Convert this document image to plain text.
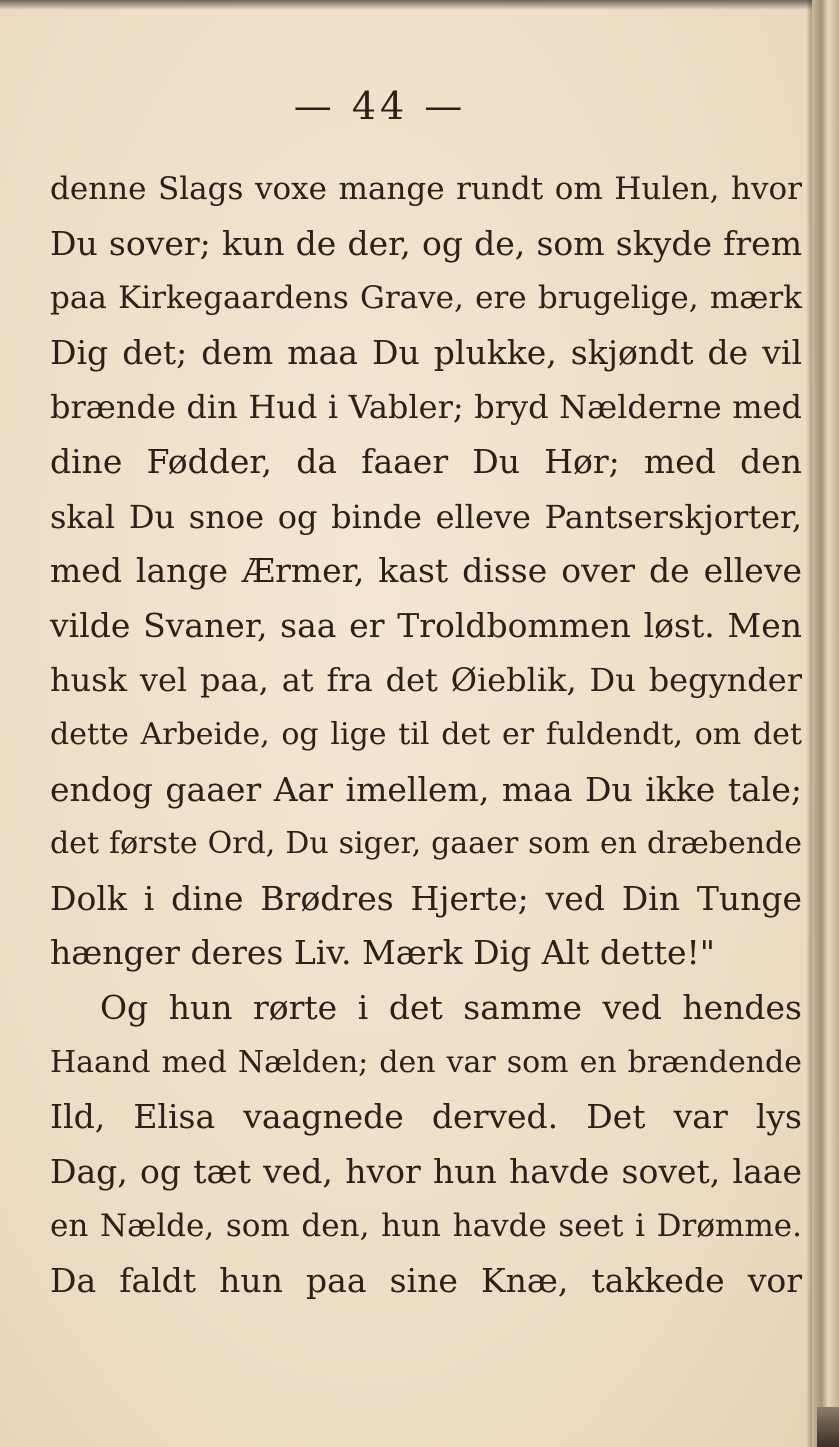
— 44 —
denne Slags voxe mange rundt om Hulen, hvor
Du sover; kun de der, og de, som skyde frem
paa Kirkegaardens Grave, ere brugelige, mærk
Dig det; dem maa Du plukke, skjøndt de vil
brænde din Hud i Vabler; bryd Nælderne med
dine Fødder, da faaer Du Hør; med den
skal Du snoe og binde elleve Pantserskjorter,
med lange Ærmer, kast disse over de elleve
vilde Svaner, saa er Troldbommen løst. Men
husk vel paa, at fra det Øieblik, Du begynder
dette Arbeide, og lige til det er fuldendt, om det
endog gaaer Aar imellem, maa Du ikke tale;
det første Ord, Du siger, gaaer som en dræbende
Dolk i dine Brødres Hjerte; ved Din Tunge
hænger deres Liv. Mærk Dig Alt dette!"
Og hun rørte i det samme ved hendes
Haand med Nælden; den var som en brændende
Ild, Elisa vaagnede derved. Det var lys
Dag, og tæt ved, hvor hun havde sovet, laae
en Nælde, som den, hun havde seet i Drømme.
Da faldt hun paa sine Knæ, takkede vor
